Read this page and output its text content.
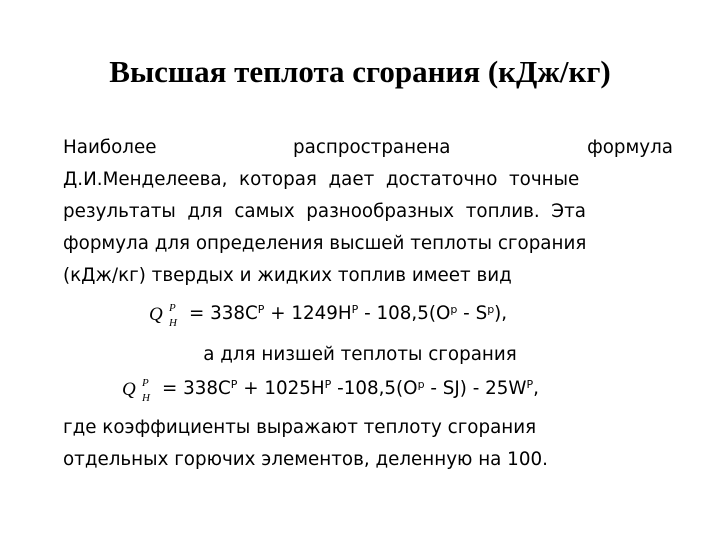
Высшая теплота сгорания (кДж/кг)
Наиболее	распространена	формула
Д.И.Менделеева,  которая  дает  достаточно  точные
результаты  для  самых  разнообразных  топлив.  Эта
формула для определения высшей теплоты сгорания
(кДж/кг) твердых и жидких топлив имеет вид
Q P
$H = 338C^P + 1249H^P - 108,5(O^p - S^p)$,
а для низшей теплоты сгорания
Q P
$H = 338C^P + 1025H^P$ $-108,5(O^p - SJ) - 25W^P$,
где коэффициенты выражают теплоту сгорания
отдельных горючих элементов, деленную на 100.
